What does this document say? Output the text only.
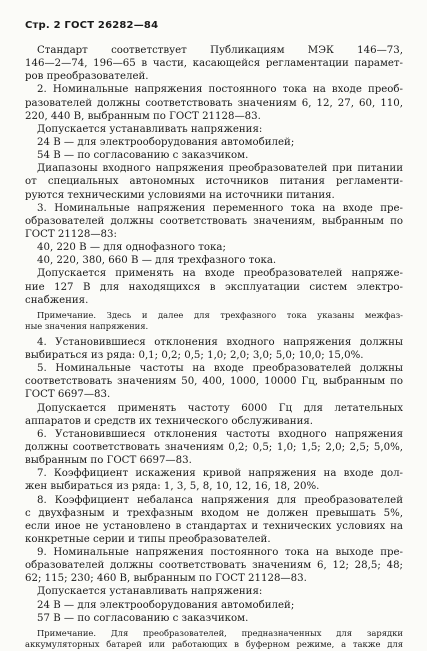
Стр. 2 ГОСТ 26282—84
Стандарт соответствует Публикациям МЭК 146—73,
146—2—74, 196—65 в части, касающейся регламентации парамет-
ров преобразователей.
2. Номинальные напряжения постоянного тока на входе преоб-
разователей должны соответствовать значениям 6, 12, 27, 60, 110,
220, 440 В, выбранным по ГОСТ 21128—83.
Допускается устанавливать напряжения:
24 В — для электрооборудования автомобилей;
54 В — по согласованию с заказчиком.
Диапазоны входного напряжения преобразователей при питании
от специальных автономных источников питания регламенти-
руются техническими условиями на источники питания.
3. Номинальные напряжения переменного тока на входе пре-
образователей должны соответствовать значениям, выбранным по
ГОСТ 21128—83:
40, 220 В — для однофазного тока;
40, 220, 380, 660 В — для трехфазного тока.
Допускается применять на входе преобразователей напряже-
ние 127 В для находящихся в эксплуатации систем электро-
снабжения.
Примечание. Здесь и далее для трехфазного тока указаны межфаз-
ные значения напряжения.
4. Установившиеся отклонения входного напряжения должны
выбираться из ряда: 0,1; 0,2; 0,5; 1,0; 2,0; 3,0; 5,0; 10,0; 15,0%.
5. Номинальные частоты на входе преобразователей должны
соответствовать значениям 50, 400, 1000, 10000 Гц, выбранным по
ГОСТ 6697—83.
Допускается применять частоту 6000 Гц для летательных
аппаратов и средств их технического обслуживания.
6. Установившиеся отклонения частоты входного напряжения
должны соответствовать значениям 0,2; 0,5; 1,0; 1,5; 2,0; 2,5; 5,0%,
выбранным по ГОСТ 6697—83.
7. Коэффициент искажения кривой напряжения на входе дол-
жен выбираться из ряда: 1, 3, 5, 8, 10, 12, 16, 18, 20%.
8. Коэффициент небаланса напряжения для преобразователей
с двухфазным и трехфазным входом не должен превышать 5%,
если иное не установлено в стандартах и технических условиях на
конкретные серии и типы преобразователей.
9. Номинальные напряжения постоянного тока на выходе пре-
образователей должны соответствовать значениям 6, 12; 28,5; 48;
62; 115; 230; 460 В, выбранным по ГОСТ 21128—83.
Допускается устанавливать напряжения:
24 В — для электрооборудования автомобилей;
57 В — по согласованию с заказчиком.
Примечание. Для преобразователей, предназначенных для зарядки
аккумуляторных батарей или работающих в буферном режиме, а также для
